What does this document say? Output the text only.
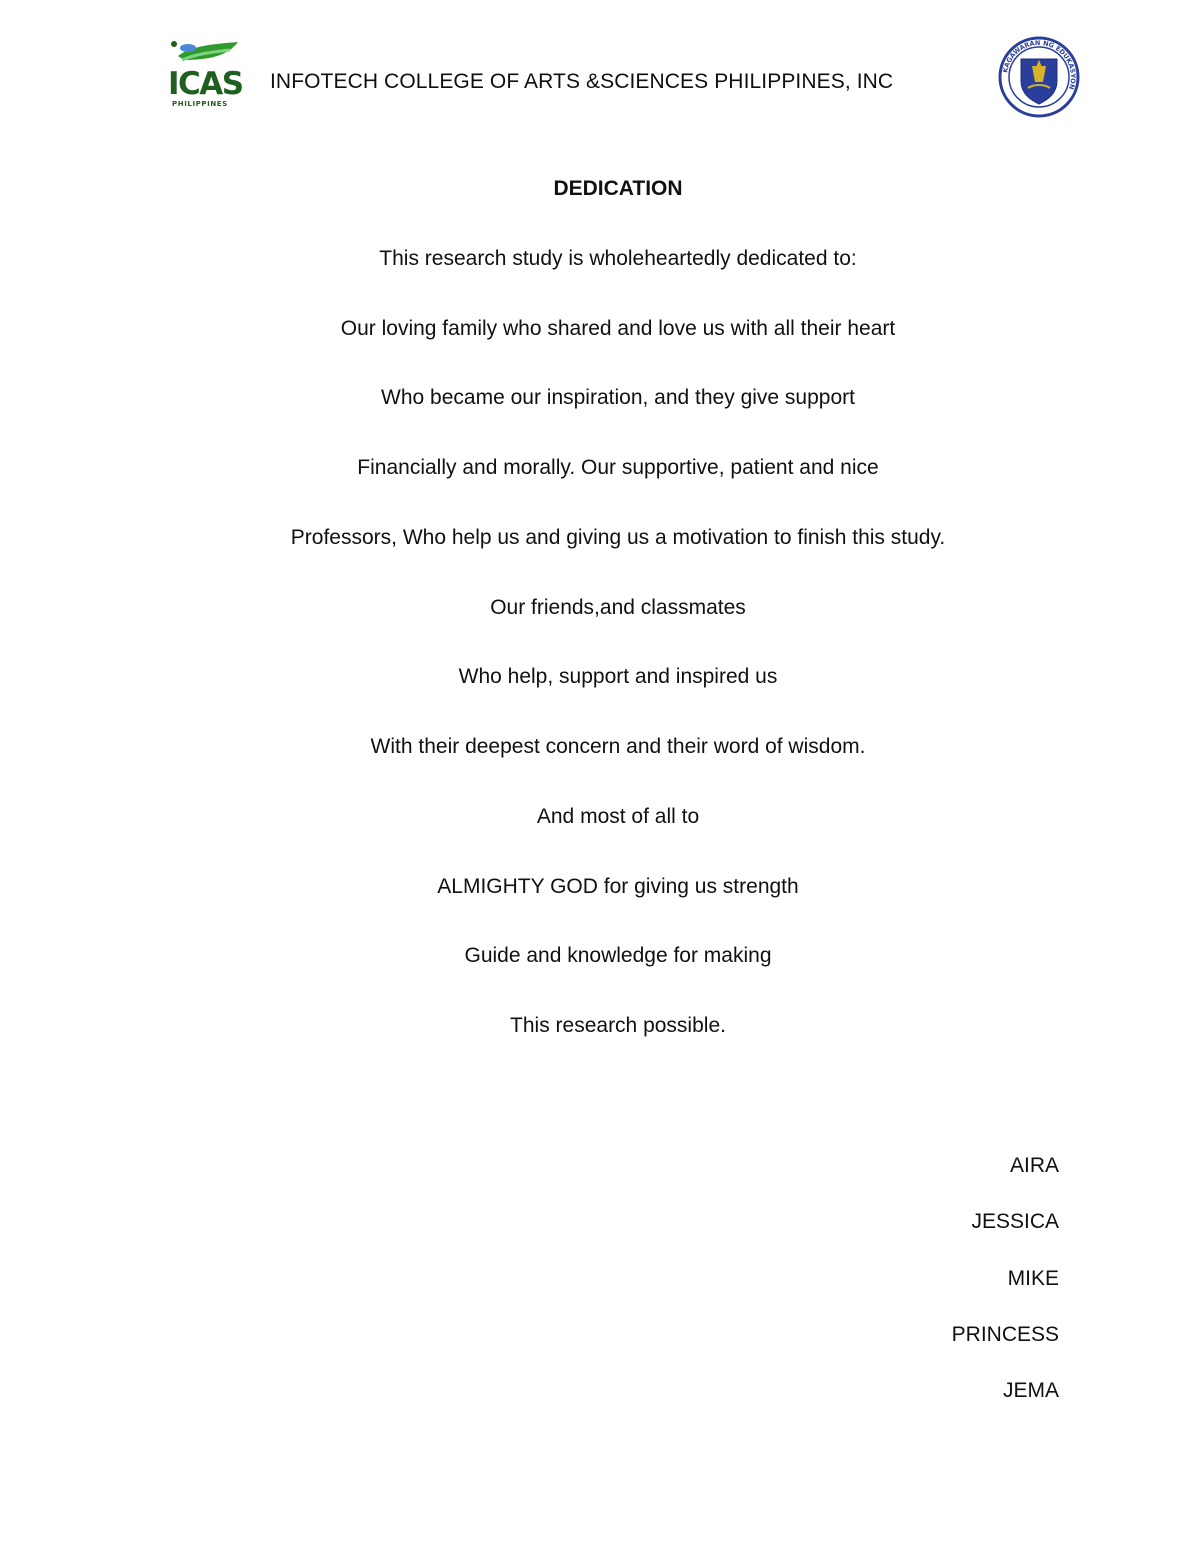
ICAS
PHILIPPINES
INFOTECH COLLEGE OF ARTS &SCIENCES PHILIPPINES, INC	KAGAWARAN NG EDUKASYON
DEDICATION
This research study is wholeheartedly dedicated to:
Our loving family who shared and love us with all their heart
Who became our inspiration, and they give support
Financially and morally. Our supportive, patient and nice
Professors, Who help us and giving us a motivation to finish this study.
Our friends,and classmates
Who help, support and inspired us
With their deepest concern and their word of wisdom.
And most of all to
ALMIGHTY GOD for giving us strength
Guide and knowledge for making
This research possible.
AIRA
JESSICA
MIKE
PRINCESS
JEMA
